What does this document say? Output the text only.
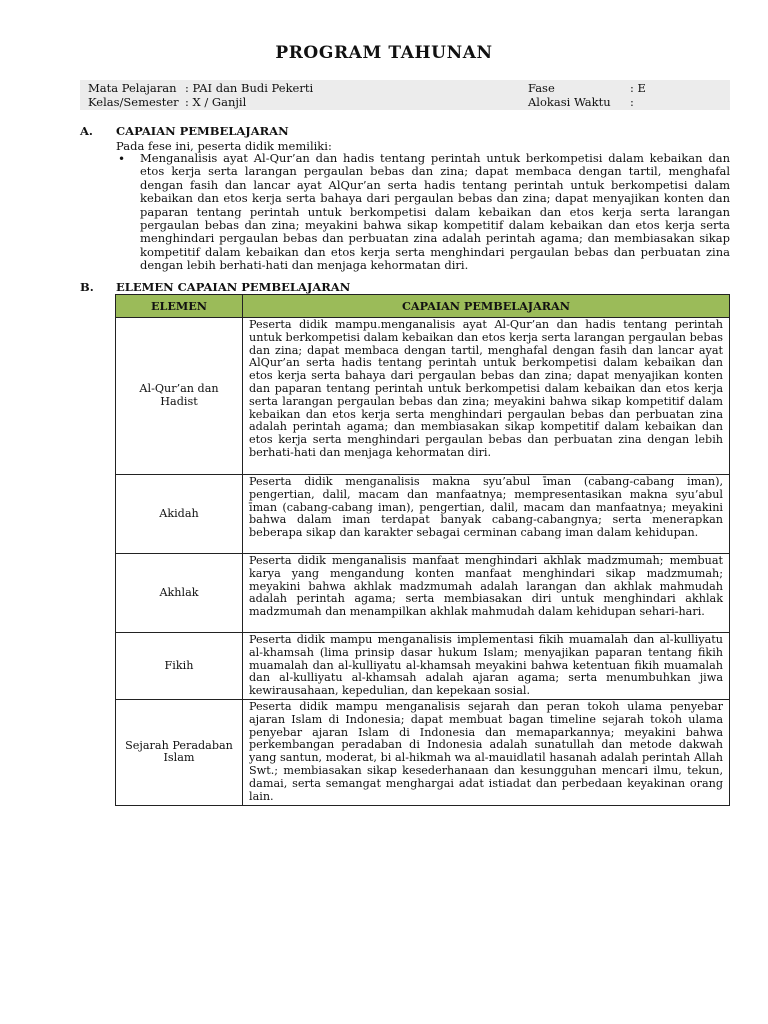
PROGRAM TAHUNAN
Mata Pelajaran : PAI dan Budi Pekerti	Fase	: E
Kelas/Semester : X / Ganjil	Alokasi Waktu :
A. CAPAIAN PEMBELAJARAN
Pada fese ini, peserta didik memiliki:
• Menganalisis ayat Al-Qur’an dan hadis tentang perintah untuk berkompetisi dalam kebaikan dan etos kerja serta larangan pergaulan bebas dan zina; dapat membaca dengan tartil, menghafal dengan fasih dan lancar ayat AlQur’an serta hadis tentang perintah untuk berkompetisi dalam kebaikan dan etos kerja serta bahaya dari pergaulan bebas dan zina; dapat menyajikan konten dan paparan tentang perintah untuk berkompetisi dalam kebaikan dan etos kerja serta larangan pergaulan bebas dan zina; meyakini bahwa sikap kompetitif dalam kebaikan dan etos kerja serta menghindari pergaulan bebas dan perbuatan zina adalah perintah agama; dan membiasakan sikap kompetitif dalam kebaikan dan etos kerja serta menghindari pergaulan bebas dan perbuatan zina dengan lebih berhati-hati dan menjaga kehormatan diri.
B. ELEMEN CAPAIAN PEMBELAJARAN
ELEMEN	CAPAIAN PEMBELAJARAN
Al-Qur’an dan Hadist	Peserta didik mampu.menganalisis ayat Al-Qur’an dan hadis tentang perintah untuk berkompetisi dalam kebaikan dan etos kerja serta larangan pergaulan bebas dan zina; dapat membaca dengan tartil, menghafal dengan fasih dan lancar ayat AlQur’an serta hadis tentang perintah untuk berkompetisi dalam kebaikan dan etos kerja serta bahaya dari pergaulan bebas dan zina; dapat menyajikan konten dan paparan tentang perintah untuk berkompetisi dalam kebaikan dan etos kerja serta larangan pergaulan bebas dan zina; meyakini bahwa sikap kompetitif dalam kebaikan dan etos kerja serta menghindari pergaulan bebas dan perbuatan zina adalah perintah agama; dan membiasakan sikap kompetitif dalam kebaikan dan etos kerja serta menghindari pergaulan bebas dan perbuatan zina dengan lebih berhati-hati dan menjaga kehormatan diri.
Akidah	Peserta didik menganalisis makna syu’abul īman (cabang-cabang iman), pengertian, dalil, macam dan manfaatnya; mempresentasikan makna syu’abul īman (cabang-cabang iman), pengertian, dalil, macam dan manfaatnya; meyakini bahwa dalam iman terdapat banyak cabang-cabangnya; serta menerapkan beberapa sikap dan karakter sebagai cerminan cabang iman dalam kehidupan.
Akhlak	Peserta didik menganalisis manfaat menghindari akhlak madzmumah; membuat karya yang mengandung konten manfaat menghindari sikap madzmumah; meyakini bahwa akhlak madzmumah adalah larangan dan akhlak mahmudah adalah perintah agama; serta membiasakan diri untuk menghindari akhlak madzmumah dan menampilkan akhlak mahmudah dalam kehidupan sehari-hari.
Fikih	Peserta didik mampu menganalisis implementasi fikih muamalah dan al-kulliyatu al-khamsah (lima prinsip dasar hukum Islam; menyajikan paparan tentang fikih muamalah dan al-kulliyatu al-khamsah meyakini bahwa ketentuan fikih muamalah dan al-kulliyatu al-khamsah adalah ajaran agama; serta menumbuhkan jiwa kewirausahaan, kepedulian, dan kepekaan sosial.
Sejarah Peradaban Islam	Peserta didik mampu menganalisis sejarah dan peran tokoh ulama penyebar ajaran Islam di Indonesia; dapat membuat bagan timeline sejarah tokoh ulama penyebar ajaran Islam di Indonesia dan memaparkannya; meyakini bahwa perkembangan peradaban di Indonesia adalah sunatullah dan metode dakwah yang santun, moderat, bi al-hikmah wa al-mauidlatil hasanah adalah perintah Allah Swt.; membiasakan sikap kesederhanaan dan kesungguhan mencari ilmu, tekun, damai, serta semangat menghargai adat istiadat dan perbedaan keyakinan orang lain.
